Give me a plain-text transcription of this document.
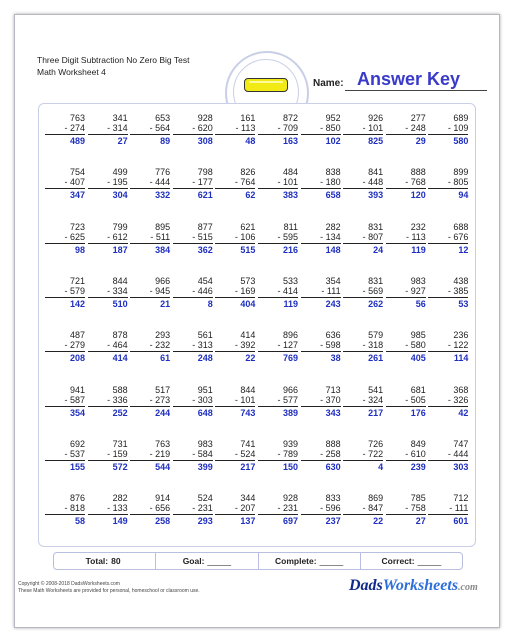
Three Digit Subtraction No Zero Big Test
Math Worksheet 4
Name: Answer Key
763
- 274
489
341
- 314
27
653
- 564
89
928
- 620
308
161
- 113
48
872
- 709
163
952
- 850
102
926
- 101
825
277
- 248
29
689
- 109
580
754
- 407
347
499
- 195
304
776
- 444
332
798
- 177
621
826
- 764
62
484
- 101
383
838
- 180
658
841
- 448
393
888
- 768
120
899
- 805
94
723
- 625
98
799
- 612
187
895
- 511
384
877
- 515
362
621
- 106
515
811
- 595
216
282
- 134
148
831
- 807
24
232
- 113
119
688
- 676
12
721
- 579
142
844
- 334
510
966
- 945
21
454
- 446
8
573
- 169
404
533
- 414
119
354
- 111
243
831
- 569
262
983
- 927
56
438
- 385
53
487
- 279
208
878
- 464
414
293
- 232
61
561
- 313
248
414
- 392
22
896
- 127
769
636
- 598
38
579
- 318
261
985
- 580
405
236
- 122
114
941
- 587
354
588
- 336
252
517
- 273
244
951
- 303
648
844
- 101
743
966
- 577
389
713
- 370
343
541
- 324
217
681
- 505
176
368
- 326
42
692
- 537
155
731
- 159
572
763
- 219
544
983
- 584
399
741
- 524
217
939
- 789
150
888
- 258
630
726
- 722
4
849
- 610
239
747
- 444
303
876
- 818
58
282
- 133
149
914
- 656
258
524
- 231
293
344
- 207
137
928
- 231
697
833
- 596
237
869
- 847
22
785
- 758
27
712
- 111
601
Total: 80	Goal: _____	Complete: _____	Correct: _____
Copyright © 2008-2018 DadsWorksheets.com
These Math Worksheets are provided for personal, homeschool or classroom use.	DadsWorksheets.com
